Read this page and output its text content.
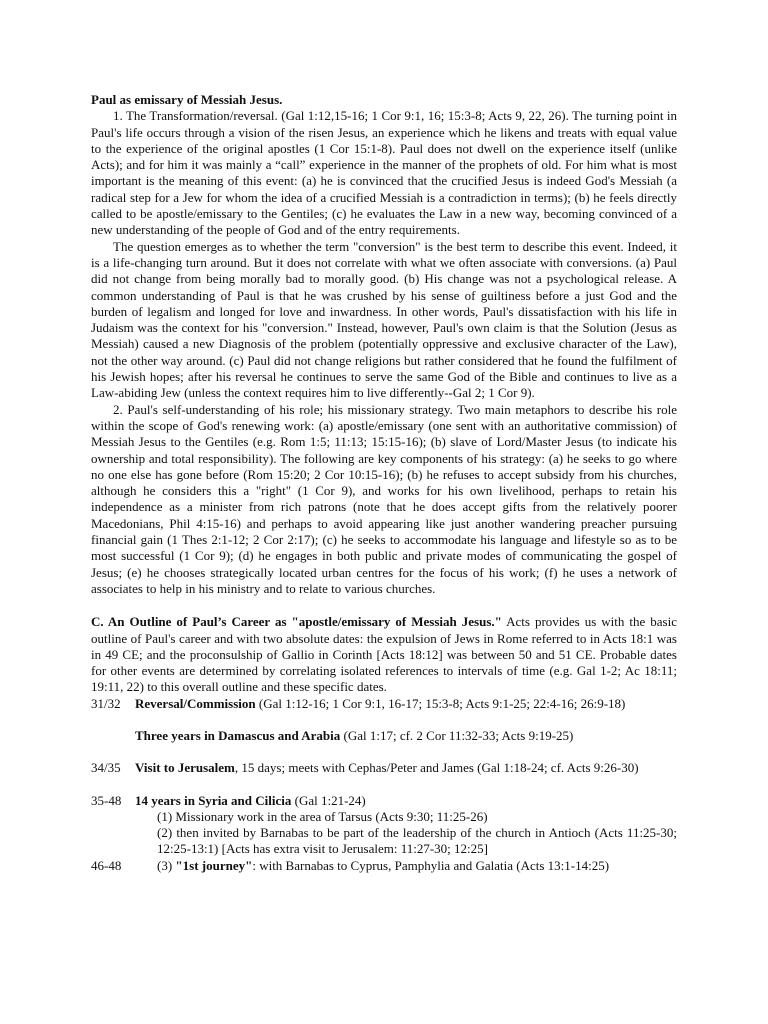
Paul as emissary of Messiah Jesus.

1. The Transformation/reversal. (Gal 1:12,15-16; 1 Cor 9:1, 16; 15:3-8; Acts 9, 22, 26). The turning point in Paul's life occurs through a vision of the risen Jesus, an experience which he likens and treats with equal value to the experience of the original apostles (1 Cor 15:1-8). Paul does not dwell on the experience itself (unlike Acts); and for him it was mainly a “call” experience in the manner of the prophets of old. For him what is most important is the meaning of this event: (a) he is convinced that the crucified Jesus is indeed God's Messiah (a radical step for a Jew for whom the idea of a crucified Messiah is a contradiction in terms); (b) he feels directly called to be apostle/emissary to the Gentiles; (c) he evaluates the Law in a new way, becoming convinced of a new understanding of the people of God and of the entry requirements.

The question emerges as to whether the term "conversion" is the best term to describe this event. Indeed, it is a life-changing turn around. But it does not correlate with what we often associate with conversions. (a) Paul did not change from being morally bad to morally good. (b) His change was not a psychological release. A common understanding of Paul is that he was crushed by his sense of guiltiness before a just God and the burden of legalism and longed for love and inwardness. In other words, Paul's dissatisfaction with his life in Judaism was the context for his "conversion." Instead, however, Paul's own claim is that the Solution (Jesus as Messiah) caused a new Diagnosis of the problem (potentially oppressive and exclusive character of the Law), not the other way around. (c) Paul did not change religions but rather considered that he found the fulfilment of his Jewish hopes; after his reversal he continues to serve the same God of the Bible and continues to live as a Law-abiding Jew (unless the context requires him to live differently--Gal 2; 1 Cor 9).

2. Paul's self-understanding of his role; his missionary strategy. Two main metaphors to describe his role within the scope of God's renewing work: (a) apostle/emissary (one sent with an authoritative commission) of Messiah Jesus to the Gentiles (e.g. Rom 1:5; 11:13; 15:15-16); (b) slave of Lord/Master Jesus (to indicate his ownership and total responsibility). The following are key components of his strategy: (a) he seeks to go where no one else has gone before (Rom 15:20; 2 Cor 10:15-16); (b) he refuses to accept subsidy from his churches, although he considers this a "right" (1 Cor 9), and works for his own livelihood, perhaps to retain his independence as a minister from rich patrons (note that he does accept gifts from the relatively poorer Macedonians, Phil 4:15-16) and perhaps to avoid appearing like just another wandering preacher pursuing financial gain (1 Thes 2:1-12; 2 Cor 2:17); (c) he seeks to accommodate his language and lifestyle so as to be most successful (1 Cor 9); (d) he engages in both public and private modes of communicating the gospel of Jesus; (e) he chooses strategically located urban centres for the focus of his work; (f) he uses a network of associates to help in his ministry and to relate to various churches.

C. An Outline of Paul’s Career as "apostle/emissary of Messiah Jesus." Acts provides us with the basic outline of Paul's career and with two absolute dates: the expulsion of Jews in Rome referred to in Acts 18:1 was in 49 CE; and the proconsulship of Gallio in Corinth [Acts 18:12] was between 50 and 51 CE. Probable dates for other events are determined by correlating isolated references to intervals of time (e.g. Gal 1-2; Ac 18:11; 19:11, 22) to this overall outline and these specific dates.

31/32	Reversal/Commission (Gal 1:12-16; 1 Cor 9:1, 16-17; 15:3-8; Acts 9:1-25; 22:4-16; 26:9-18)
Three years in Damascus and Arabia (Gal 1:17; cf. 2 Cor 11:32-33; Acts 9:19-25)
34/35	Visit to Jerusalem, 15 days; meets with Cephas/Peter and James (Gal 1:18-24; cf. Acts 9:26-30)
35-48	14 years in Syria and Cilicia (Gal 1:21-24)

(1) Missionary work in the area of Tarsus (Acts 9:30; 11:25-26)

(2) then invited by Barnabas to be part of the leadership of the church in Antioch (Acts 11:25-30; 12:25-13:1) [Acts has extra visit to Jerusalem: 11:27-30; 12:25]

46-48	(3) "1st journey": with Barnabas to Cyprus, Pamphylia and Galatia (Acts 13:1-14:25)
